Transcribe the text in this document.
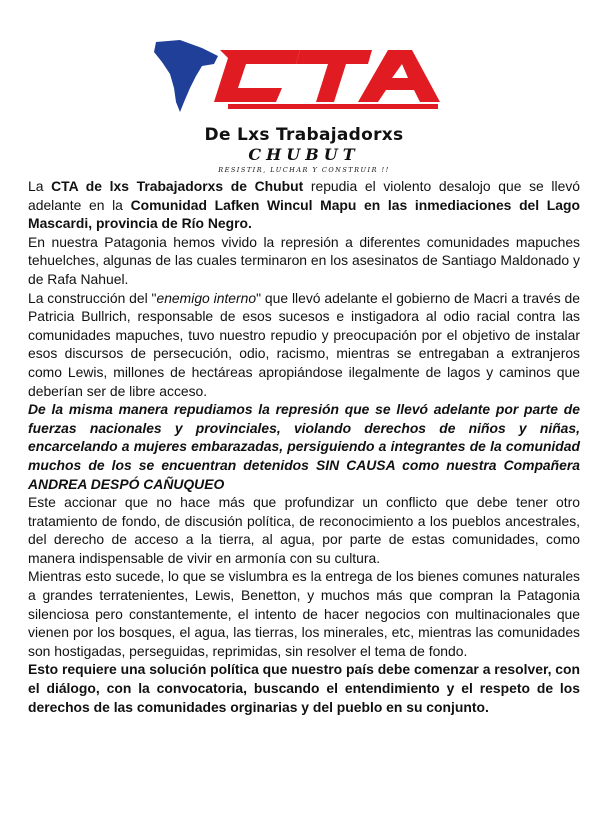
CTA
De Lxs Trabajadorxs
CHUBUT
RESISTIR, LUCHAR Y CONSTRUIR !!

La CTA de lxs Trabajadorxs de Chubut repudia el violento desalojo que se llevó adelante en la Comunidad Lafken Wincul Mapu en las inmediaciones del Lago Mascardi, provincia de Río Negro.

En nuestra Patagonia hemos vivido la represión a diferentes comunidades mapuches tehuelches, algunas de las cuales terminaron en los asesinatos de Santiago Maldonado y de Rafa Nahuel.

La construcción del "enemigo interno" que llevó adelante el gobierno de Macri a través de Patricia Bullrich, responsable de esos sucesos e instigadora al odio racial contra las comunidades mapuches, tuvo nuestro repudio y preocupación por el objetivo de instalar esos discursos de persecución, odio, racismo, mientras se entregaban a extranjeros como Lewis, millones de hectáreas apropiándose ilegalmente de lagos y caminos que deberían ser de libre acceso.

De la misma manera repudiamos la represión que se llevó adelante por parte de fuerzas nacionales y provinciales, violando derechos de niños y niñas, encarcelando a mujeres embarazadas, persiguiendo a integrantes de la comunidad muchos de los se encuentran detenidos SIN CAUSA como nuestra Compañera ANDREA DESPÓ CAÑUQUEO

Este accionar que no hace más que profundizar un conflicto que debe tener otro tratamiento de fondo, de discusión política, de reconocimiento a los pueblos ancestrales, del derecho de acceso a la tierra, al agua, por parte de estas comunidades, como manera indispensable de vivir en armonía con su cultura.

Mientras esto sucede, lo que se vislumbra es la entrega de los bienes comunes naturales a grandes terratenientes, Lewis, Benetton, y muchos más que compran la Patagonia silenciosa pero constantemente, el intento de hacer negocios con multinacionales que vienen por los bosques, el agua, las tierras, los minerales, etc, mientras las comunidades son hostigadas, perseguidas, reprimidas, sin resolver el tema de fondo.

Esto requiere una solución política que nuestro país debe comenzar a resolver, con el diálogo, con la convocatoria, buscando el entendimiento y el respeto de los derechos de las comunidades orginarias y del pueblo en su conjunto.
